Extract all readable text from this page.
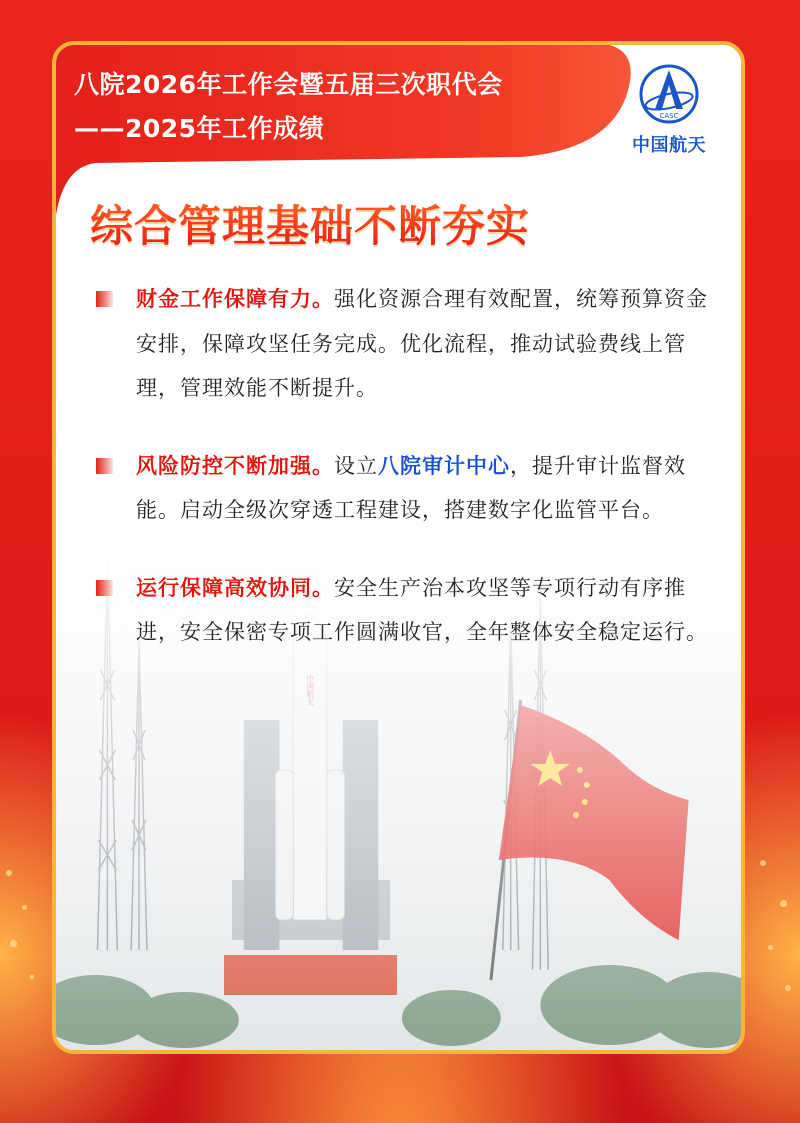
八院2026年工作会暨五届三次职代会
——2025年工作成绩	CASC
中国航天
综合管理基础不断夯实
财金工作保障有力。强化资源合理有效配置，统筹预算资金安排，保障攻坚任务完成。优化流程，推动试验费线上管理，管理效能不断提升。
风险防控不断加强。设立八院审计中心，提升审计监督效能。启动全级次穿透工程建设，搭建数字化监管平台。
运行保障高效协同。安全生产治本攻坚等专项行动有序推进，安全保密专项工作圆满收官，全年整体安全稳定运行。
